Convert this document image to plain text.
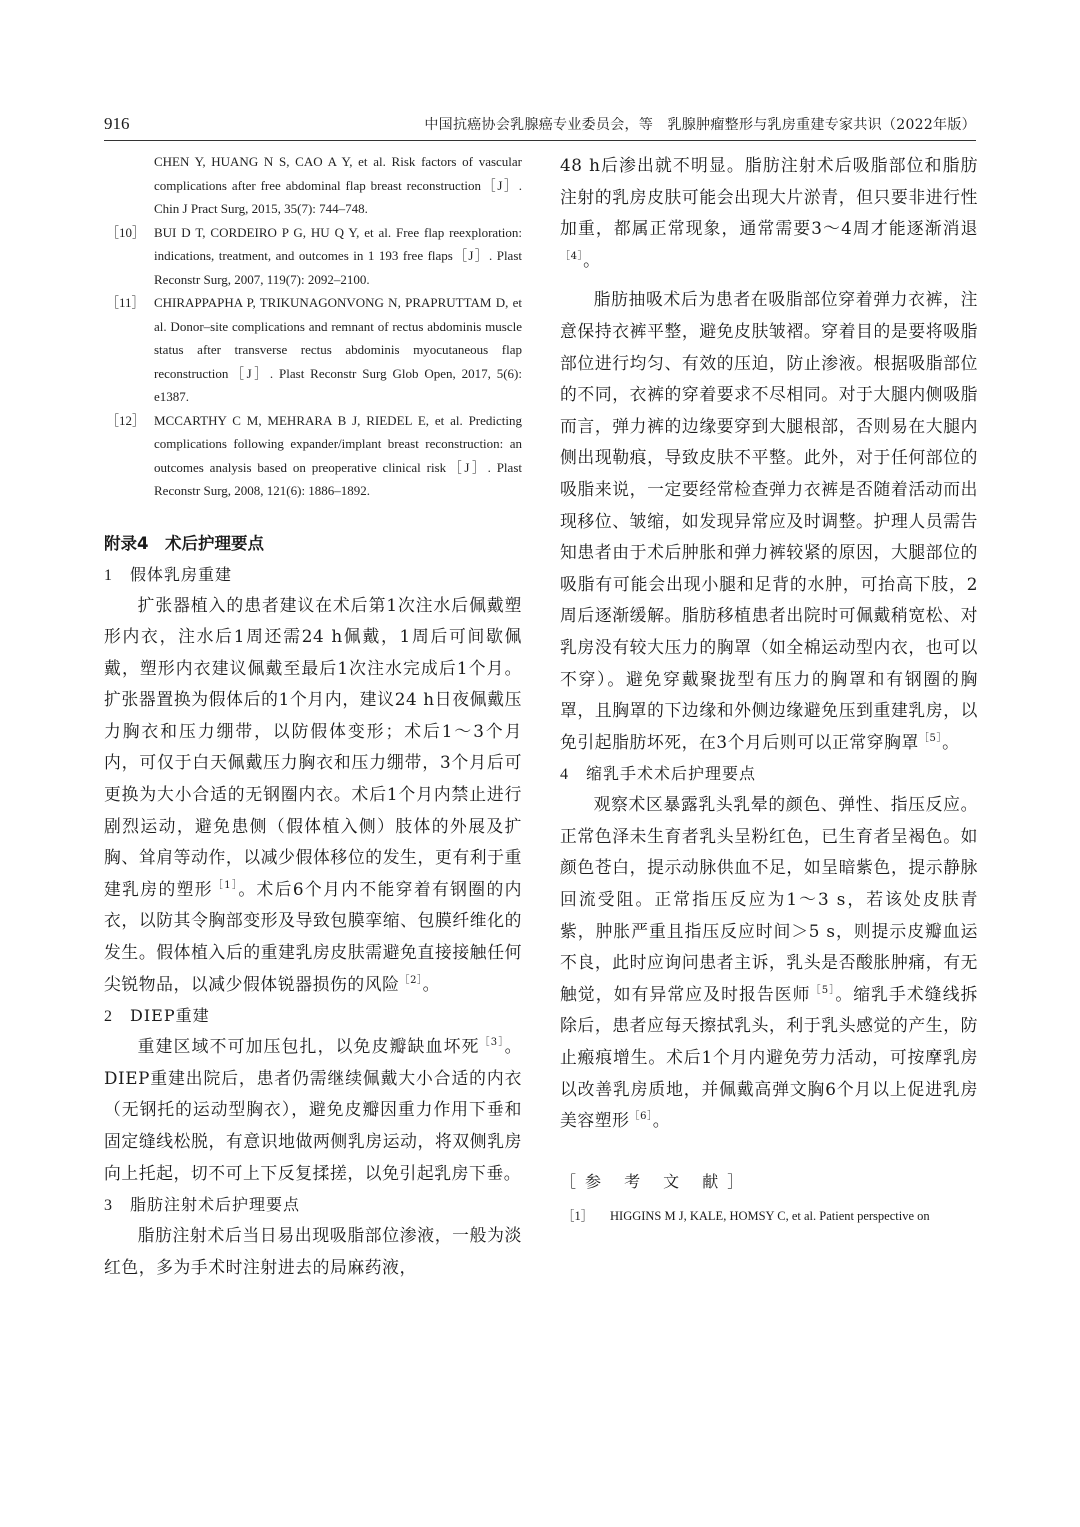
916	中国抗癌协会乳腺癌专业委员会，等　乳腺肿瘤整形与乳房重建专家共识（2022年版）
CHEN Y, HUANG N S, CAO A Y, et al. Risk factors of vascular complications after free abdominal flap breast reconstruction［J］. Chin J Pract Surg, 2015, 35(7): 744–748.
［10］ BUI D T, CORDEIRO P G, HU Q Y, et al. Free flap reexploration: indications, treatment, and outcomes in 1 193 free flaps［J］. Plast Reconstr Surg, 2007, 119(7): 2092–2100.
［11］ CHIRAPPAPHA P, TRIKUNAGONVONG N, PRAPRUTTAM D, et al. Donor–site complications and remnant of rectus abdominis muscle status after transverse rectus abdominis myocutaneous flap reconstruction［J］. Plast Reconstr Surg Glob Open, 2017, 5(6): e1387.
［12］ MCCARTHY C M, MEHRARA B J, RIEDEL E, et al. Predicting complications following expander/implant breast reconstruction: an outcomes analysis based on preoperative clinical risk［J］. Plast Reconstr Surg, 2008, 121(6): 1886–1892.
附录4　术后护理要点
1 假体乳房重建

扩张器植入的患者建议在术后第1次注水后佩戴塑形内衣，注水后1周还需24 h佩戴，1周后可间歇佩戴，塑形内衣建议佩戴至最后1次注水完成后1个月。扩张器置换为假体后的1个月内，建议24 h日夜佩戴压力胸衣和压力绷带，以防假体变形；术后1～3个月内，可仅于白天佩戴压力胸衣和压力绷带，3个月后可更换为大小合适的无钢圈内衣。术后1个月内禁止进行剧烈运动，避免患侧（假体植入侧）肢体的外展及扩胸、耸肩等动作，以减少假体移位的发生，更有利于重建乳房的塑形$^{[1]}$。术后6个月内不能穿着有钢圈的内衣，以防其令胸部变形及导致包膜挛缩、包膜纤维化的发生。假体植入后的重建乳房皮肤需避免直接接触任何尖锐物品，以减少假体锐器损伤的风险$^{[2]}$。

2 DIEP重建

重建区域不可加压包扎，以免皮瓣缺血坏死$^{[3]}$。DIEP重建出院后，患者仍需继续佩戴大小合适的内衣（无钢托的运动型胸衣），避免皮瓣因重力作用下垂和固定缝线松脱，有意识地做两侧乳房运动，将双侧乳房向上托起，切不可上下反复揉搓，以免引起乳房下垂。

3 脂肪注射术后护理要点

脂肪注射术后当日易出现吸脂部位渗液，一般为淡红色，多为手术时注射进去的局麻药液，

48 h后渗出就不明显。脂肪注射术后吸脂部位和脂肪注射的乳房皮肤可能会出现大片淤青，但只要非进行性加重，都属正常现象，通常需要3～4周才能逐渐消退$^{[4]}$。

脂肪抽吸术后为患者在吸脂部位穿着弹力衣裤，注意保持衣裤平整，避免皮肤皱褶。穿着目的是要将吸脂部位进行均匀、有效的压迫，防止渗液。根据吸脂部位的不同，衣裤的穿着要求不尽相同。对于大腿内侧吸脂而言，弹力裤的边缘要穿到大腿根部，否则易在大腿内侧出现勒痕，导致皮肤不平整。此外，对于任何部位的吸脂来说，一定要经常检查弹力衣裤是否随着活动而出现移位、皱缩，如发现异常应及时调整。护理人员需告知患者由于术后肿胀和弹力裤较紧的原因，大腿部位的吸脂有可能会出现小腿和足背的水肿，可抬高下肢，2周后逐渐缓解。脂肪移植患者出院时可佩戴稍宽松、对乳房没有较大压力的胸罩（如全棉运动型内衣，也可以不穿）。避免穿戴聚拢型有压力的胸罩和有钢圈的胸罩，且胸罩的下边缘和外侧边缘避免压到重建乳房，以免引起脂肪坏死，在3个月后则可以正常穿胸罩$^{[5]}$。

4 缩乳手术术后护理要点

观察术区暴露乳头乳晕的颜色、弹性、指压反应。正常色泽未生育者乳头呈粉红色，已生育者呈褐色。如颜色苍白，提示动脉供血不足，如呈暗紫色，提示静脉回流受阻。正常指压反应为1～3 s，若该处皮肤青紫，肿胀严重且指压反应时间＞5 s，则提示皮瓣血运不良，此时应询问患者主诉，乳头是否酸胀肿痛，有无触觉，如有异常应及时报告医师$^{[5]}$。缩乳手术缝线拆除后，患者应每天擦拭乳头，利于乳头感觉的产生，防止瘢痕增生。术后1个月内避免劳力活动，可按摩乳房以改善乳房质地，并佩戴高弹文胸6个月以上促进乳房美容塑形$^{[6]}$。

［参 考 文 献］
［1］ HIGGINS M J, KALE, HOMSY C, et al. Patient perspective on
